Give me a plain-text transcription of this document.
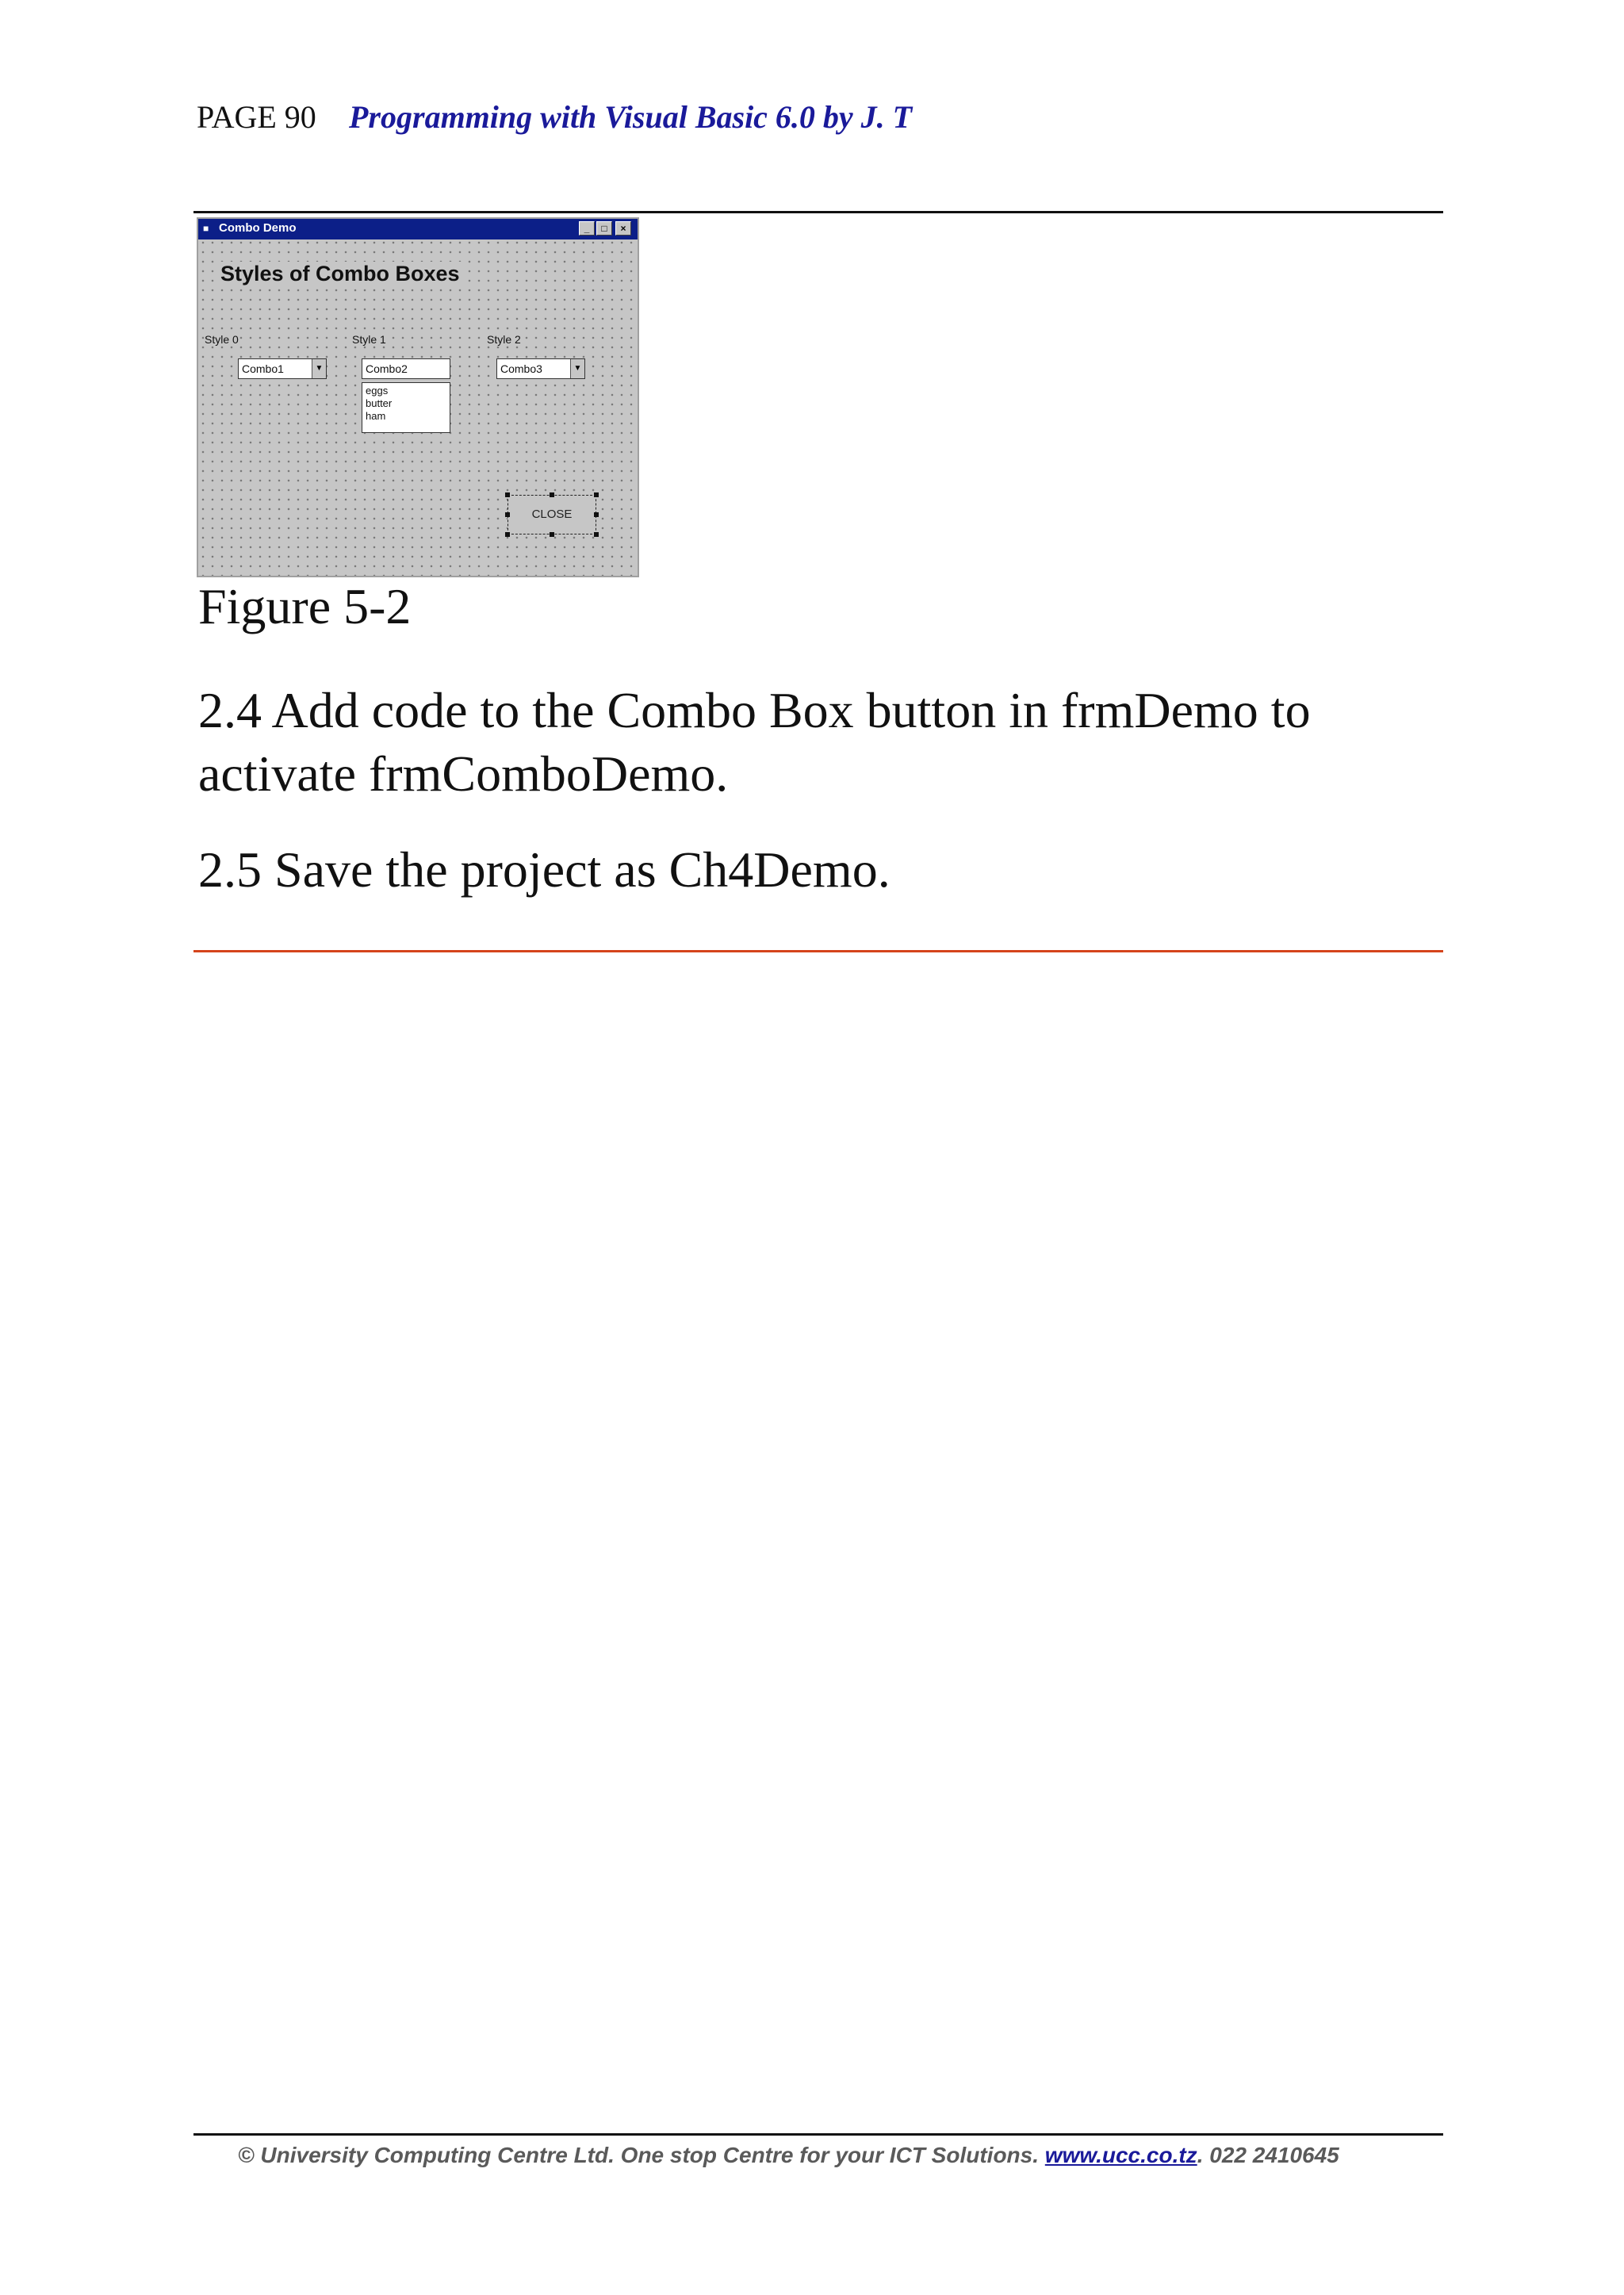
PAGE 90 Programming with Visual Basic 6.0 by J. T
■ Combo Demo	_	□	×
Styles of Combo Boxes
Style 0	Style 1	Style 2
Combo1	▼	Combo2
eggs
butter
ham
Combo3	▼
CLOSE
Figure 5-2
2.4 Add code to the Combo Box button in frmDemo to activate frmComboDemo.
2.5 Save the project as Ch4Demo.
© University Computing Centre Ltd. One stop Centre for your ICT Solutions. www.ucc.co.tz. 022 2410645
